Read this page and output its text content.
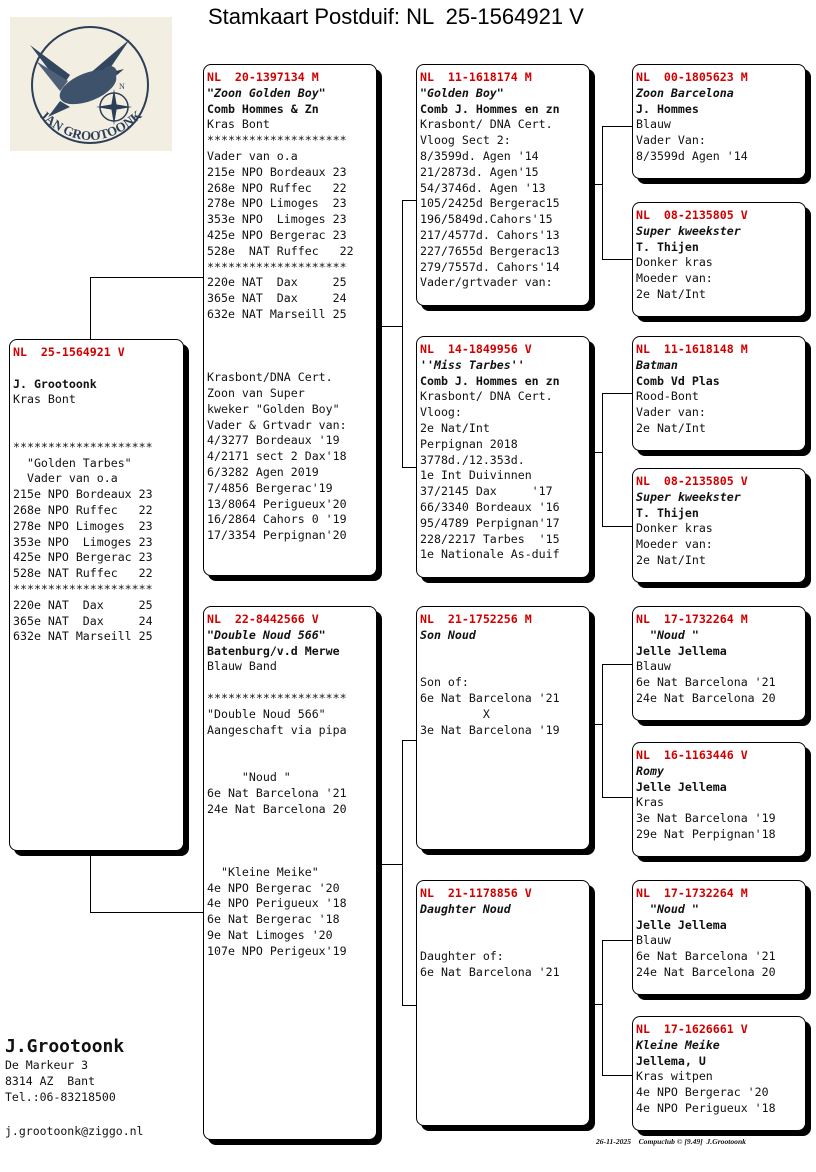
Stamkaart Postduif: NL  25-1564921 V
N
JAN GROOTOONK
NL  25-1564921 V
J. Grootoonk
Kras Bont
********************
"Golden Tarbes"
Vader van o.a
215e NPO Bordeaux 23
268e NPO Ruffec   22
278e NPO Limoges  23
353e NPO  Limoges 23
425e NPO Bergerac 23
528e NAT Ruffec   22
********************
220e NAT  Dax     25
365e NAT  Dax     24
632e NAT Marseill 25
NL  20-1397134 M
"Zoon Golden Boy"
Comb Hommes & Zn
Kras Bont
********************
Vader van o.a
215e NPO Bordeaux 23
268e NPO Ruffec   22
278e NPO Limoges  23
353e NPO  Limoges 23
425e NPO Bergerac 23
528e  NAT Ruffec   22
********************
220e NAT  Dax     25
365e NAT  Dax     24
632e NAT Marseill 25
Krasbont/DNA Cert.
Zoon van Super
kweker "Golden Boy"
Vader & Grtvadr van:
4/3277 Bordeaux '19
4/2171 sect 2 Dax'18
6/3282 Agen 2019
7/4856 Bergerac'19
13/8064 Perigueux'20
16/2864 Cahors 0 '19
17/3354 Perpignan'20
NL  22-8442566 V
"Double Noud 566"
Batenburg/v.d Merwe
Blauw Band
********************
"Double Noud 566"
Aangeschaft via pipa
"Noud "
6e Nat Barcelona '21
24e Nat Barcelona 20
"Kleine Meike"
4e NPO Bergerac '20
4e NPO Perigueux '18
6e Nat Bergerac '18
9e Nat Limoges '20
107e NPO Perigeux'19
NL  11-1618174 M
"Golden Boy"
Comb J. Hommes en zn
Krasbont/ DNA Cert.
Vloog Sect 2:
8/3599d. Agen '14
21/2873d. Agen'15
54/3746d. Agen '13
105/2425d Bergerac15
196/5849d.Cahors'15
217/4577d. Cahors'13
227/7655d Bergerac13
279/7557d. Cahors'14
Vader/grtvader van:
NL  14-1849956 V
''Miss Tarbes''
Comb J. Hommes en zn
Krasbont/ DNA Cert.
Vloog:
2e Nat/Int
Perpignan 2018
3778d./12.353d.
1e Int Duivinnen
37/2145 Dax     '17
66/3340 Bordeaux '16
95/4789 Perpignan'17
228/2217 Tarbes  '15
1e Nationale As-duif
NL  21-1752256 M
Son Noud
Son of:
6e Nat Barcelona '21
X
3e Nat Barcelona '19
NL  21-1178856 V
Daughter Noud
Daughter of:
6e Nat Barcelona '21
NL  00-1805623 M
Zoon Barcelona
J. Hommes
Blauw
Vader Van:
8/3599d Agen '14
NL  08-2135805 V
Super kweekster
T. Thijen
Donker kras
Moeder van:
2e Nat/Int
NL  11-1618148 M
Batman
Comb Vd Plas
Rood-Bont
Vader van:
2e Nat/Int
NL  08-2135805 V
Super kweekster
T. Thijen
Donker kras
Moeder van:
2e Nat/Int
NL  17-1732264 M
"Noud "
Jelle Jellema
Blauw
6e Nat Barcelona '21
24e Nat Barcelona 20
NL  16-1163446 V
Romy
Jelle Jellema
Kras
3e Nat Barcelona '19
29e Nat Perpignan'18
NL  17-1732264 M
"Noud "
Jelle Jellema
Blauw
6e Nat Barcelona '21
24e Nat Barcelona 20
NL  17-1626661 V
Kleine Meike
Jellema, U
Kras witpen
4e NPO Bergerac '20
4e NPO Perigueux '18
J.Grootoonk
De Markeur 3
8314 AZ  Bant
Tel.:06-83218500
j.grootoonk@ziggo.nl
26-11-2025    Compuclub © [9.49]  J.Grootoonk
